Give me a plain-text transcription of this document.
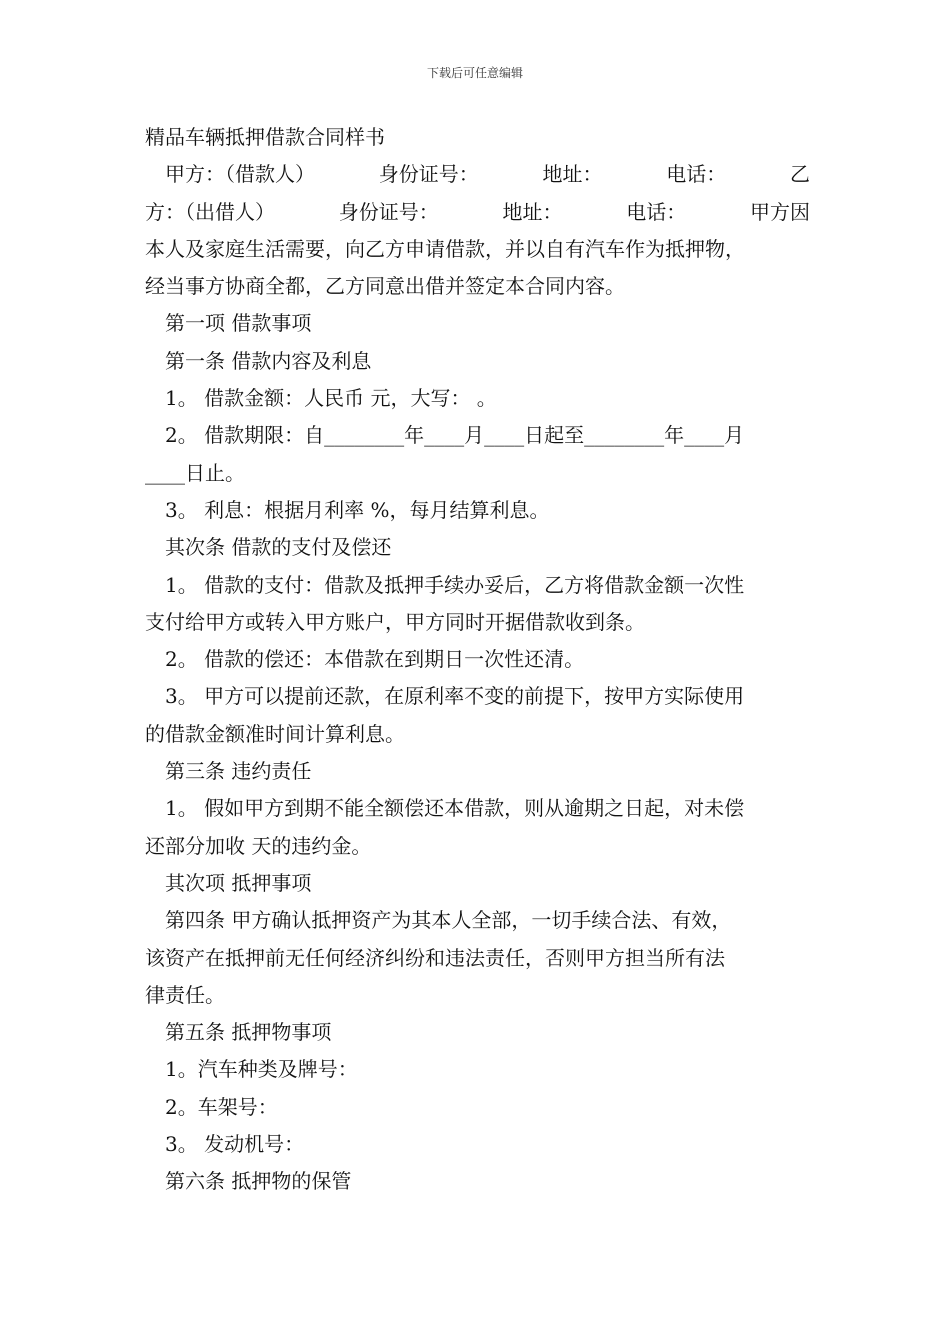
下载后可任意编辑
精品车辆抵押借款合同样书
甲方：（借款人）	身份证号：	地址：	电话：	乙
方：（出借人）	身份证号：	地址：	电话：	甲方因
本人及家庭生活需要，向乙方申请借款，并以自有汽车作为抵押物，
经当事方协商全都，乙方同意出借并签定本合同内容。
第一项 借款事项
第一条 借款内容及利息
1。 借款金额：人民币 元，大写： 。
2。 借款期限：自________年____月____日起至________年____月
____日止。
3。 利息：根据月利率 %，每月结算利息。
其次条 借款的支付及偿还
1。 借款的支付：借款及抵押手续办妥后，乙方将借款金额一次性
支付给甲方或转入甲方账户，甲方同时开据借款收到条。
2。 借款的偿还：本借款在到期日一次性还清。
3。 甲方可以提前还款，在原利率不变的前提下，按甲方实际使用
的借款金额准时间计算利息。
第三条 违约责任
1。 假如甲方到期不能全额偿还本借款，则从逾期之日起，对未偿
还部分加收 天的违约金。
其次项 抵押事项
第四条 甲方确认抵押资产为其本人全部，一切手续合法、有效，
该资产在抵押前无任何经济纠纷和违法责任，否则甲方担当所有法
律责任。
第五条 抵押物事项
1。汽车种类及牌号：
2。车架号：
3。 发动机号：
第六条 抵押物的保管
